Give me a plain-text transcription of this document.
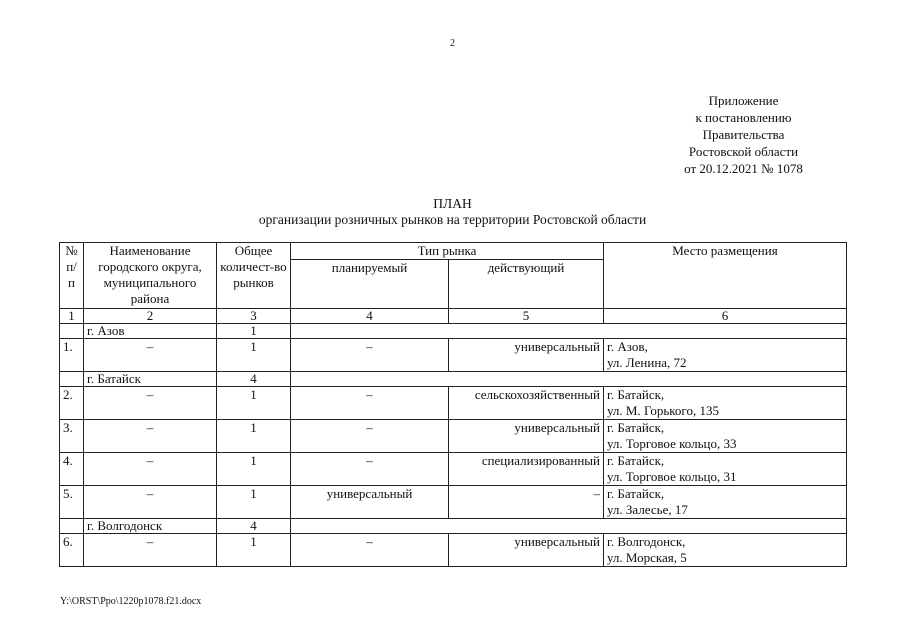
2
Приложение
к постановлению
Правительства
Ростовской области
от 20.12.2021 № 1078
ПЛАН
организации розничных рынков на территории Ростовской области
№ п/п	Наименование городского округа, муниципального района	Общее количест-во рынков	Тип рынка		Место размещения
			планируемый	действующий	
1	2	3	4	5	6
	г. Азов	1			
1.	–	1	–	универсальный	г. Азов,
ул. Ленина, 72

	г. Батайск	4			
2.	–	1	–	сельскохозяйственный	г. Батайск,
ул. М. Горького, 135

3.	–	1	–	универсальный	г. Батайск,
ул. Торговое кольцо, 33

4.	–	1	–	специализированный	г. Батайск,
ул. Торговое кольцо, 31

5.	–	1	универсальный	–	г. Батайск,
ул. Залесье, 17

	г. Волгодонск	4			
6.	–	1	–	универсальный	г. Волгодонск,
ул. Морская, 5
Y:\ORST\Ppo\1220p1078.f21.docx
